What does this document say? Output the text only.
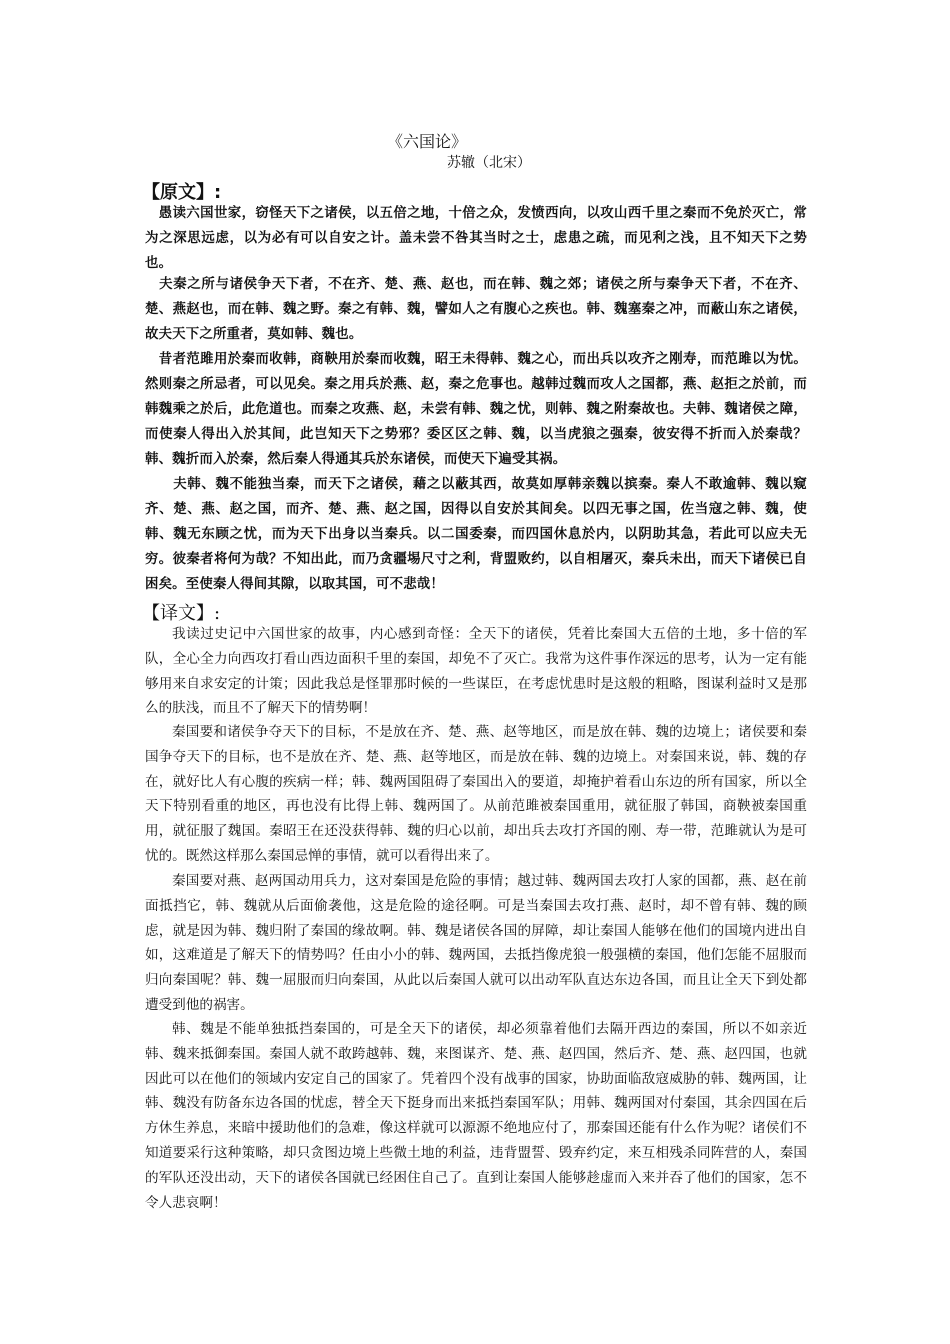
《六国论》
苏辙（北宋）
【原文】:

　愚读六国世家，窃怪天下之诸侯，以五倍之地，十倍之众，发愤西向，以攻山西千里之秦而不免於灭亡，常为之深思远虑，以为必有可以自安之计。盖未尝不咎其当时之士，虑患之疏，而见利之浅，且不知天下之势也。

　夫秦之所与诸侯争天下者，不在齐、楚、燕、赵也，而在韩、魏之郊；诸侯之所与秦争天下者，不在齐、楚、燕赵也，而在韩、魏之野。秦之有韩、魏，譬如人之有腹心之疾也。韩、魏塞秦之冲，而蔽山东之诸侯，故夫天下之所重者，莫如韩、魏也。

　昔者范雎用於秦而收韩，商鞅用於秦而收魏，昭王未得韩、魏之心，而出兵以攻齐之刚寿，而范雎以为忧。然则秦之所忌者，可以见矣。秦之用兵於燕、赵，秦之危事也。越韩过魏而攻人之国都，燕、赵拒之於前，而韩魏乘之於后，此危道也。而秦之攻燕、赵，未尝有韩、魏之忧，则韩、魏之附秦故也。夫韩、魏诸侯之障，而使秦人得出入於其间，此岂知天下之势邪？委区区之韩、魏，以当虎狼之强秦，彼安得不折而入於秦哉？韩、魏折而入於秦，然后秦人得通其兵於东诸侯，而使天下遍受其祸。

　　夫韩、魏不能独当秦，而天下之诸侯，藉之以蔽其西，故莫如厚韩亲魏以摈秦。秦人不敢逾韩、魏以窥齐、楚、燕、赵之国，而齐、楚、燕、赵之国，因得以自安於其间矣。以四无事之国，佐当寇之韩、魏，使韩、魏无东顾之忧，而为天下出身以当秦兵。以二国委秦，而四国休息於内，以阴助其急，若此可以应夫无穷。彼秦者将何为哉？不知出此，而乃贪疆埸尺寸之利，背盟败约，以自相屠灭，秦兵未出，而天下诸侯已自困矣。至使秦人得间其隙，以取其国，可不悲哉！

【译文】:

我读过史记中六国世家的故事，内心感到奇怪：全天下的诸侯，凭着比秦国大五倍的土地，多十倍的军队，全心全力向西攻打看山西边面积千里的秦国，却免不了灭亡。我常为这件事作深远的思考，认为一定有能够用来自求安定的计策；因此我总是怪罪那时候的一些谋臣，在考虑忧患时是这般的粗略，图谋利益时又是那么的肤浅，而且不了解天下的情势啊！

秦国要和诸侯争夺天下的目标，不是放在齐、楚、燕、赵等地区，而是放在韩、魏的边境上；诸侯要和秦国争夺天下的目标，也不是放在齐、楚、燕、赵等地区，而是放在韩、魏的边境上。对秦国来说，韩、魏的存在，就好比人有心腹的疾病一样；韩、魏两国阻碍了秦国出入的要道，却掩护着看山东边的所有国家，所以全天下特别看重的地区，再也没有比得上韩、魏两国了。从前范雎被秦国重用，就征服了韩国，商鞅被秦国重用，就征服了魏国。秦昭王在还没获得韩、魏的归心以前，却出兵去攻打齐国的刚、寿一带，范雎就认为是可忧的。既然这样那么秦国忌惮的事情，就可以看得出来了。

秦国要对燕、赵两国动用兵力，这对秦国是危险的事情；越过韩、魏两国去攻打人家的国都，燕、赵在前面抵挡它，韩、魏就从后面偷袭他，这是危险的途径啊。可是当秦国去攻打燕、赵时，却不曾有韩、魏的顾虑，就是因为韩、魏归附了秦国的缘故啊。韩、魏是诸侯各国的屏障，却让秦国人能够在他们的国境内进出自如，这难道是了解天下的情势吗？任由小小的韩、魏两国，去抵挡像虎狼一般强横的秦国，他们怎能不屈服而归向秦国呢？韩、魏一屈服而归向秦国，从此以后秦国人就可以出动军队直达东边各国，而且让全天下到处都遭受到他的祸害。

韩、魏是不能单独抵挡秦国的，可是全天下的诸侯，却必须靠着他们去隔开西边的秦国，所以不如亲近韩、魏来抵御秦国。秦国人就不敢跨越韩、魏，来图谋齐、楚、燕、赵四国，然后齐、楚、燕、赵四国，也就因此可以在他们的领域内安定自己的国家了。凭着四个没有战事的国家，协助面临敌寇威胁的韩、魏两国，让韩、魏没有防备东边各国的忧虑，替全天下挺身而出来抵挡秦国军队；用韩、魏两国对付秦国，其余四国在后方休生养息，来暗中援助他们的急难，像这样就可以源源不绝地应付了，那秦国还能有什么作为呢？诸侯们不知道要采行这种策略，却只贪图边境上些微土地的利益，违背盟誓、毁弃约定，来互相残杀同阵营的人，秦国的军队还没出动，天下的诸侯各国就已经困住自己了。直到让秦国人能够趁虚而入来并吞了他们的国家，怎不令人悲哀啊！
